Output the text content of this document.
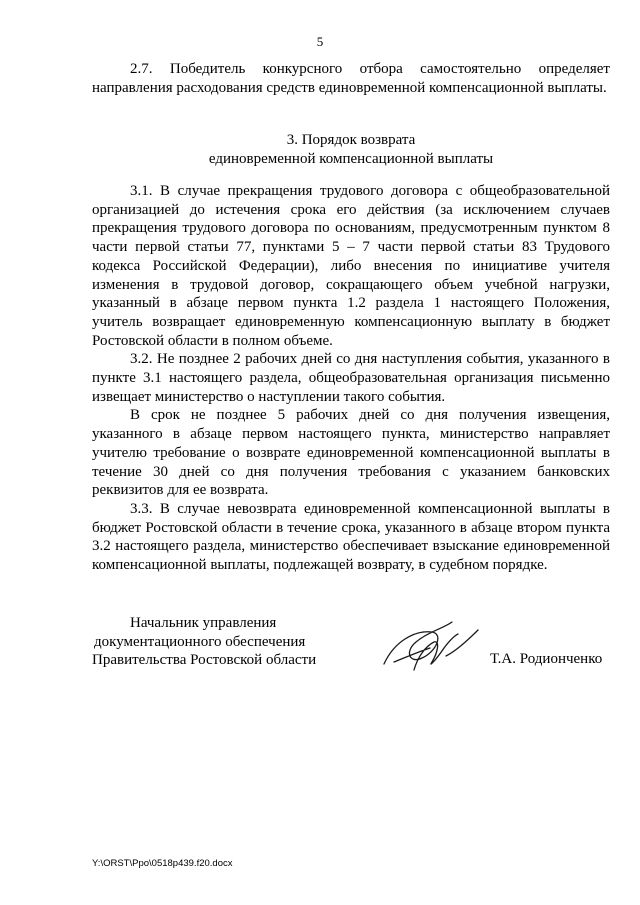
5

2.7. Победитель конкурсного отбора самостоятельно определяет направления расходования средств единовременной компенсационной выплаты.

3. Порядок возврата
единовременной компенсационной выплаты

3.1. В случае прекращения трудового договора с общеобразовательной организацией до истечения срока его действия (за исключением случаев прекращения трудового договора по основаниям, предусмотренным пунктом 8 части первой статьи 77, пунктами 5 – 7 части первой статьи 83 Трудового кодекса Российской Федерации), либо внесения по инициативе учителя изменения в трудовой договор, сокращающего объем учебной нагрузки, указанный в абзаце первом пункта 1.2 раздела 1 настоящего Положения, учитель возвращает единовременную компенсационную выплату в бюджет Ростовской области в полном объеме.

3.2. Не позднее 2 рабочих дней со дня наступления события, указанного в пункте 3.1 настоящего раздела, общеобразовательная организация письменно извещает министерство о наступлении такого события.

В срок не позднее 5 рабочих дней со дня получения извещения, указанного в абзаце первом настоящего пункта, министерство направляет учителю требование о возврате единовременной компенсационной выплаты в течение 30 дней со дня получения требования с указанием банковских реквизитов для ее возврата.

3.3. В случае невозврата единовременной компенсационной выплаты в бюджет Ростовской области в течение срока, указанного в абзаце втором пункта 3.2 настоящего раздела, министерство обеспечивает взыскание единовременной компенсационной выплаты, подлежащей возврату, в судебном порядке.

Начальник управления
документационного обеспечения
Правительства Ростовской области	Т.А. Родионченко
Y:\ORST\Ppo\0518p439.f20.docx
